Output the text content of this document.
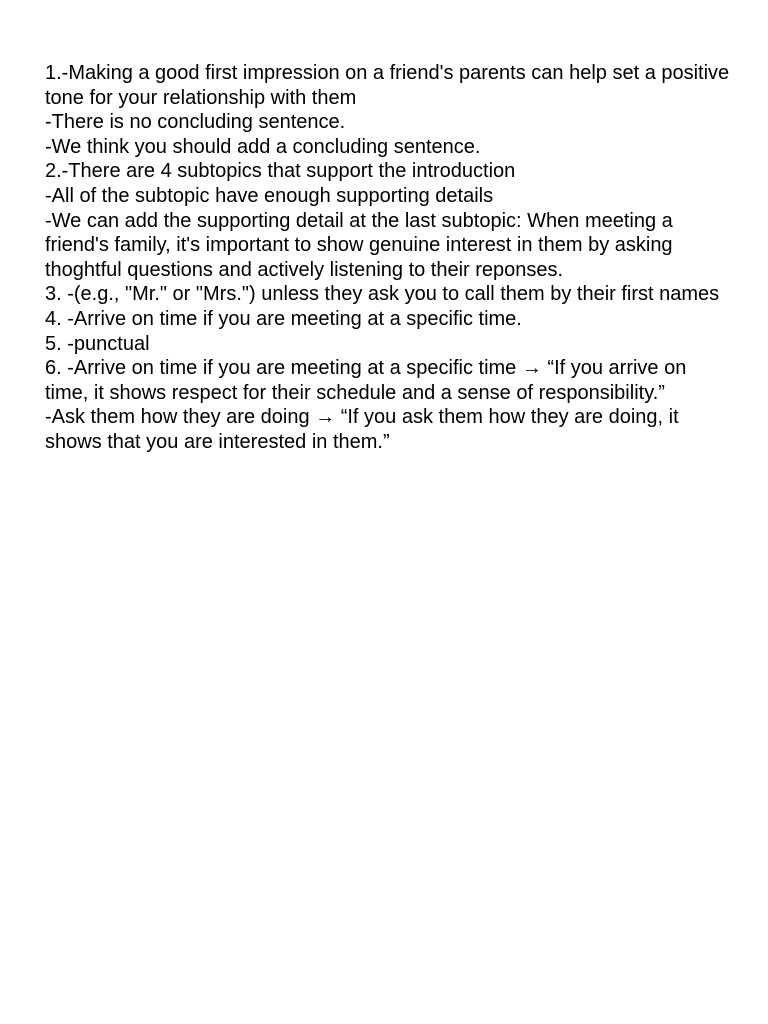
1.-Making a good first impression on a friend's parents can help set a positive tone for your relationship with them

-There is no concluding sentence.

-We think you should add a concluding sentence.

2.-There are 4 subtopics that support the introduction

-All of the subtopic have enough supporting details

-We can add the supporting detail at the last subtopic: When meeting a friend's family, it's important to show genuine interest in them by asking thoghtful questions and actively listening to their reponses.

3. -(e.g., "Mr." or "Mrs.") unless they ask you to call them by their first names

4. -Arrive on time if you are meeting at a specific time.

5. -punctual

6. -Arrive on time if you are meeting at a specific time → “If you arrive on time, it shows respect for their schedule and a sense of responsibility.”

-Ask them how they are doing → “If you ask them how they are doing, it shows that you are interested in them.”
